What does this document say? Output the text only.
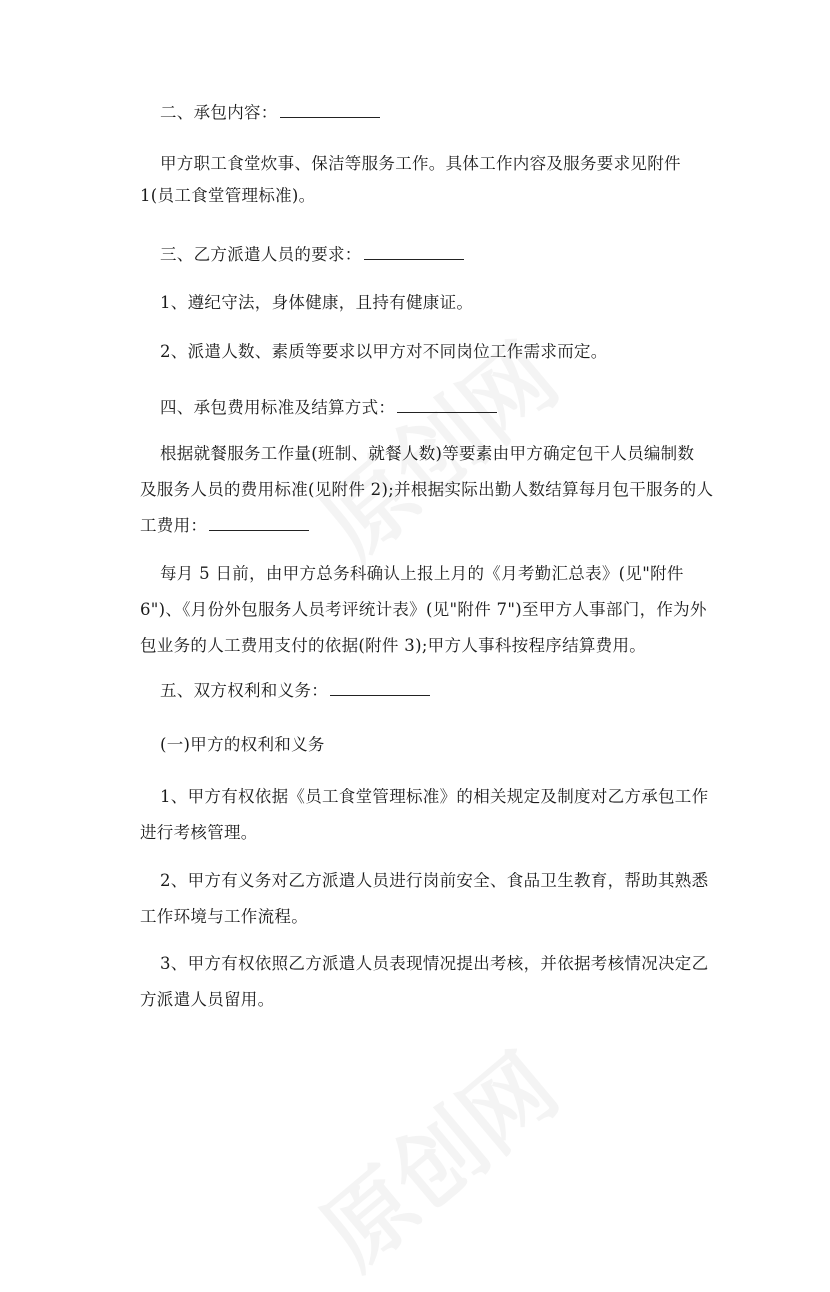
二、承包内容：
甲方职工食堂炊事、保洁等服务工作。具体工作内容及服务要求见附件
1(员工食堂管理标准)。
三、乙方派遣人员的要求：
1、遵纪守法，身体健康，且持有健康证。
2、派遣人数、素质等要求以甲方对不同岗位工作需求而定。
四、承包费用标准及结算方式：
根据就餐服务工作量(班制、就餐人数)等要素由甲方确定包干人员编制数
及服务人员的费用标准(见附件 2);并根据实际出勤人数结算每月包干服务的人
工费用：
每月 5 日前，由甲方总务科确认上报上月的《月考勤汇总表》(见"附件
6")、《月份外包服务人员考评统计表》(见"附件 7")至甲方人事部门，作为外
包业务的人工费用支付的依据(附件 3);甲方人事科按程序结算费用。
五、双方权利和义务：
(一)甲方的权利和义务
1、甲方有权依据《员工食堂管理标准》的相关规定及制度对乙方承包工作
进行考核管理。
2、甲方有义务对乙方派遣人员进行岗前安全、食品卫生教育，帮助其熟悉
工作环境与工作流程。
3、甲方有权依照乙方派遣人员表现情况提出考核，并依据考核情况决定乙
方派遣人员留用。
